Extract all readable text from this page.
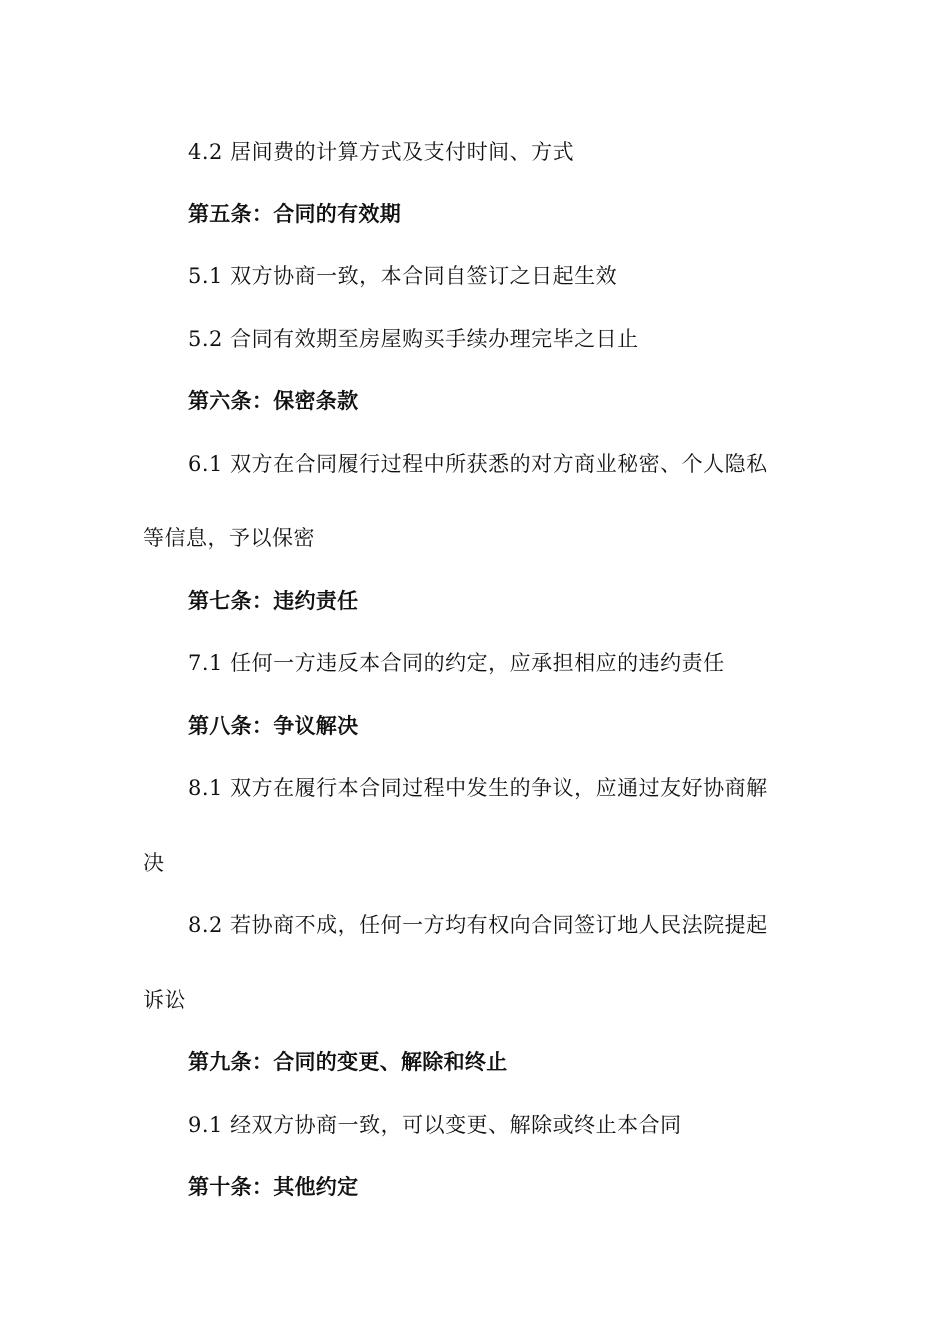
4.2 居间费的计算方式及支付时间、方式
第五条：合同的有效期
5.1 双方协商一致，本合同自签订之日起生效
5.2 合同有效期至房屋购买手续办理完毕之日止
第六条：保密条款
6.1 双方在合同履行过程中所获悉的对方商业秘密、个人隐私
等信息，予以保密
第七条：违约责任
7.1 任何一方违反本合同的约定，应承担相应的违约责任
第八条：争议解决
8.1 双方在履行本合同过程中发生的争议，应通过友好协商解
决
8.2 若协商不成，任何一方均有权向合同签订地人民法院提起
诉讼
第九条：合同的变更、解除和终止
9.1 经双方协商一致，可以变更、解除或终止本合同
第十条：其他约定
